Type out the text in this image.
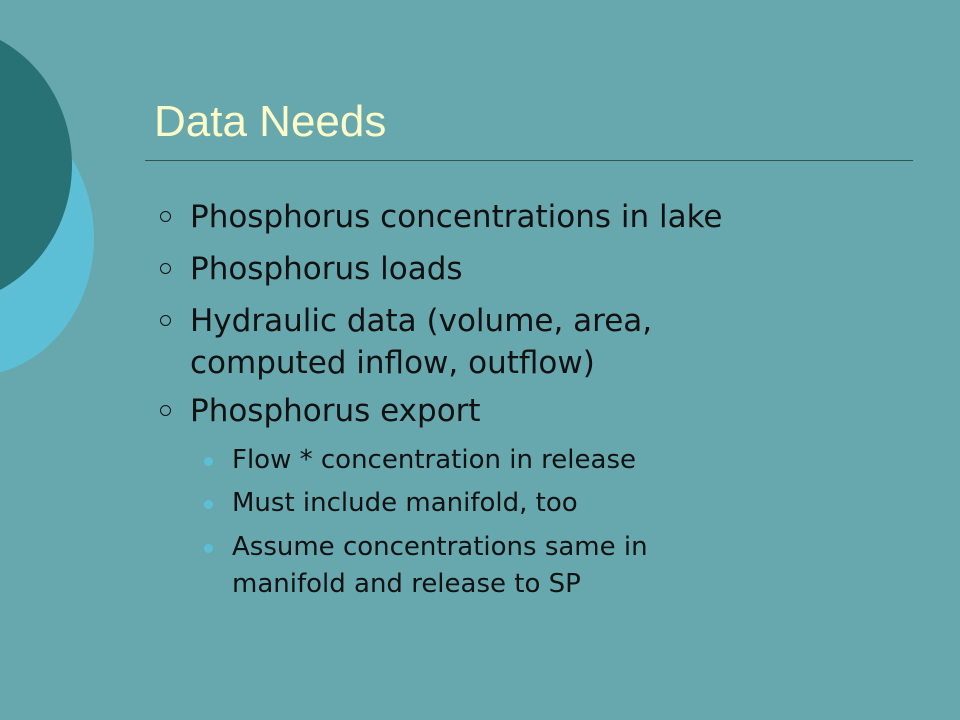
Data Needs
Phosphorus concentrations in lake
Phosphorus loads
Hydraulic data (volume, area,
computed inflow, outflow)
Phosphorus export
Flow * concentration in release
Must include manifold, too
Assume concentrations same in
manifold and release to SP
